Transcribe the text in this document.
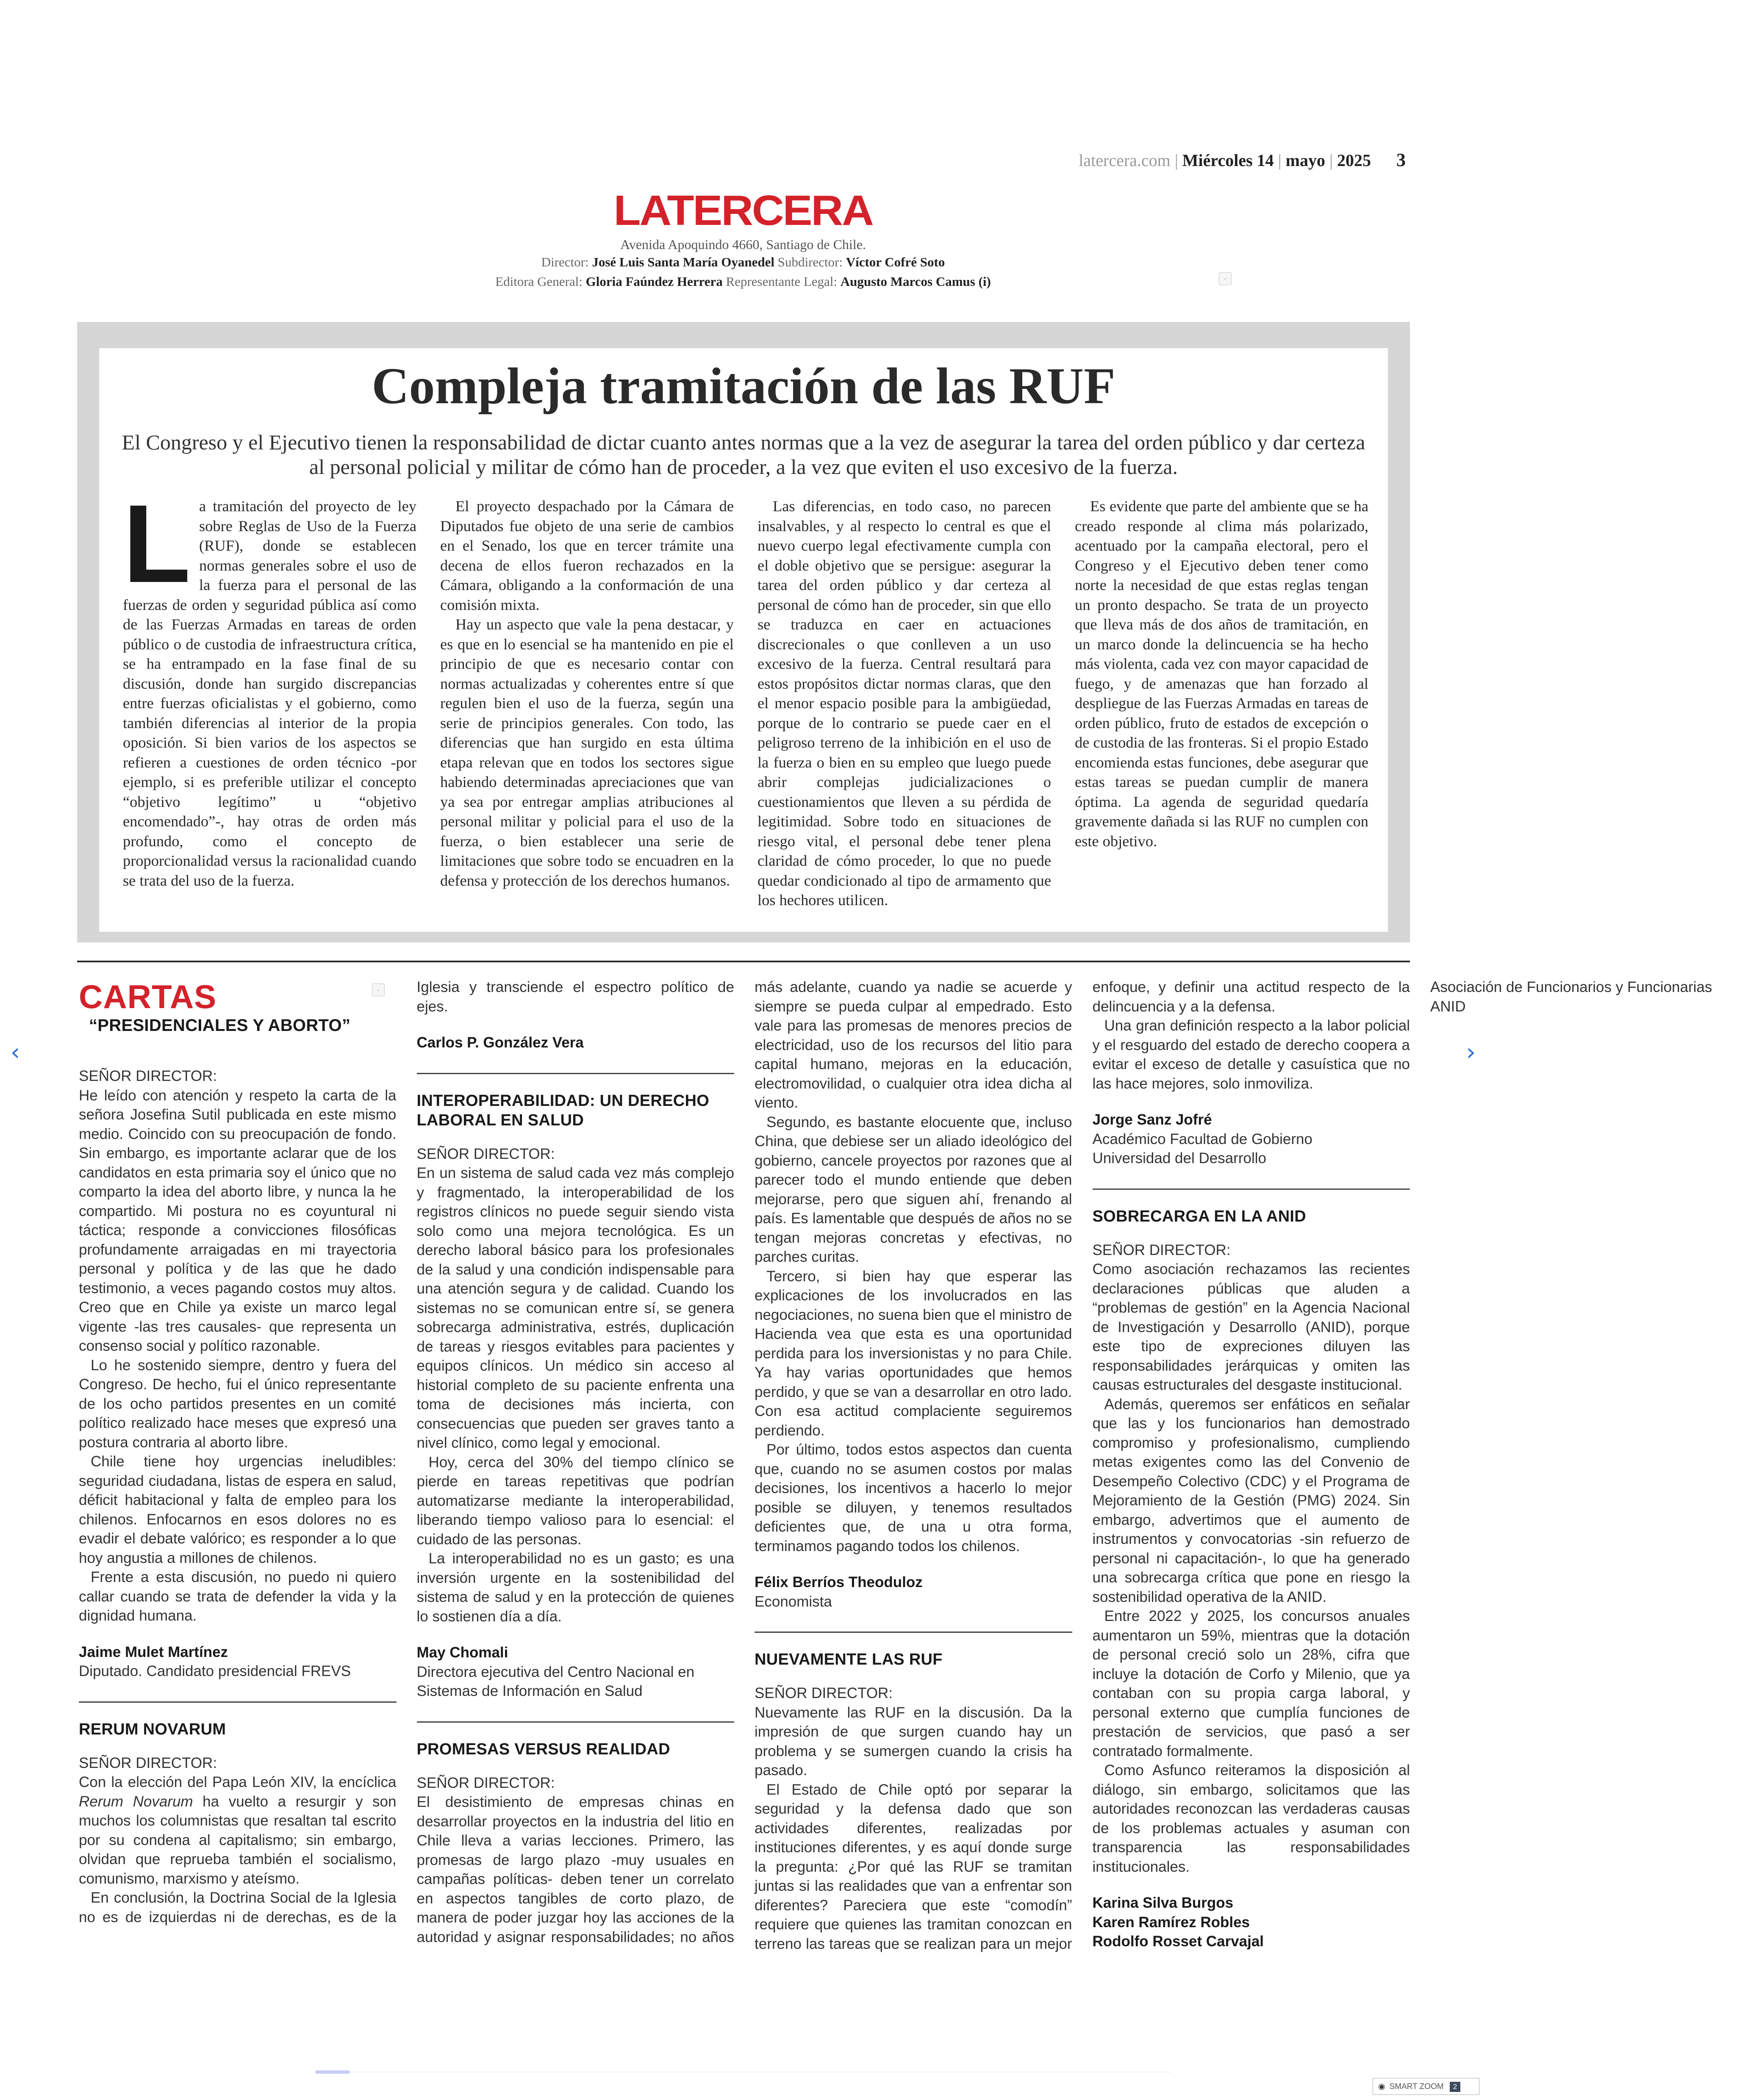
latercera.com | Miércoles 14 | mayo | 2025 3
LATERCERA
Avenida Apoquindo 4660, Santiago de Chile.
Director: José Luis Santa María Oyanedel Subdirector: Víctor Cofré Soto
Editora General: Gloria Faúndez Herrera Representante Legal: Augusto Marcos Camus (i)	▫
Compleja tramitación de las RUF
El Congreso y el Ejecutivo tienen la responsabilidad de dictar cuanto antes normas que a la vez de asegurar la tarea del orden público y dar certeza al personal policial y militar de cómo han de proceder, a la vez que eviten el uso excesivo de la fuerza.

La tramitación del proyecto de ley sobre Reglas de Uso de la Fuerza (RUF), donde se establecen normas generales sobre el uso de la fuerza para el personal de las fuerzas de orden y seguridad pública así como de las Fuerzas Armadas en tareas de orden público o de custodia de infraestructura crítica, se ha entrampado en la fase final de su discusión, donde han surgido discrepancias entre fuerzas oficialistas y el gobierno, como también diferencias al interior de la propia oposición. Si bien varios de los aspectos se refieren a cuestiones de orden técnico -por ejemplo, si es preferible utilizar el concepto “objetivo legítimo” u “objetivo encomendado”-, hay otras de orden más profundo, como el concepto de proporcionalidad versus la racionalidad cuando se trata del uso de la fuerza.

El proyecto despachado por la Cámara de Diputados fue objeto de una serie de cambios en el Senado, los que en tercer trámite una decena de ellos fueron rechazados en la Cámara, obligando a la conformación de una comisión mixta.

Hay un aspecto que vale la pena destacar, y es que en lo esencial se ha mantenido en pie el principio de que es necesario contar con normas actualizadas y coherentes entre sí que regulen bien el uso de la fuerza, según una serie de principios generales. Con todo, las diferencias que han surgido en esta última etapa relevan que en todos los sectores sigue habiendo determinadas apreciaciones que van ya sea por entregar amplias atribuciones al personal militar y policial para el uso de la fuerza, o bien establecer una serie de limitaciones que sobre todo se encuadren en la defensa y protección de los derechos humanos.

Las diferencias, en todo caso, no parecen insalvables, y al respecto lo central es que el nuevo cuerpo legal efectivamente cumpla con el doble objetivo que se persigue: asegurar la tarea del orden público y dar certeza al personal de cómo han de proceder, sin que ello se traduzca en caer en actuaciones discrecionales o que conlleven a un uso excesivo de la fuerza. Central resultará para estos propósitos dictar normas claras, que den el menor espacio posible para la ambigüedad, porque de lo contrario se puede caer en el peligroso terreno de la inhibición en el uso de la fuerza o bien en su empleo que luego puede abrir complejas judicializaciones o cuestionamientos que lleven a su pérdida de legitimidad. Sobre todo en situaciones de riesgo vital, el personal debe tener plena claridad de cómo proceder, lo que no puede quedar condicionado al tipo de armamento que los hechores utilicen.

Es evidente que parte del ambiente que se ha creado responde al clima más polarizado, acentuado por la campaña electoral, pero el Congreso y el Ejecutivo deben tener como norte la necesidad de que estas reglas tengan un pronto despacho. Se trata de un proyecto que lleva más de dos años de tramitación, en un marco donde la delincuencia se ha hecho más violenta, cada vez con mayor capacidad de fuego, y de amenazas que han forzado al despliegue de las Fuerzas Armadas en tareas de orden público, fruto de estados de excepción o de custodia de las fronteras. Si el propio Estado encomienda estas funciones, debe asegurar que estas tareas se puedan cumplir de manera óptima. La agenda de seguridad quedaría gravemente dañada si las RUF no cumplen con este objetivo.

▫
CARTAS
“PRESIDENCIALES Y ABORTO”

SEÑOR DIRECTOR:

He leído con atención y respeto la carta de la señora Josefina Sutil publicada en este mismo medio. Coincido con su preocupación de fondo. Sin embargo, es importante aclarar que de los candidatos en esta primaria soy el único que no comparto la idea del aborto libre, y nunca la he compartido. Mi postura no es coyuntural ni táctica; responde a convicciones filosóficas profundamente arraigadas en mi trayectoria personal y política y de las que he dado testimonio, a veces pagando costos muy altos. Creo que en Chile ya existe un marco legal vigente -las tres causales- que representa un consenso social y político razonable.

Lo he sostenido siempre, dentro y fuera del Congreso. De hecho, fui el único representante de los ocho partidos presentes en un comité político realizado hace meses que expresó una postura contraria al aborto libre.

Chile tiene hoy urgencias ineludibles: seguridad ciudadana, listas de espera en salud, déficit habitacional y falta de empleo para los chilenos. Enfocarnos en esos dolores no es evadir el debate valórico; es responder a lo que hoy angustia a millones de chilenos.

Frente a esta discusión, no puedo ni quiero callar cuando se trata de defender la vida y la dignidad humana.

Jaime Mulet Martínez

Diputado. Candidato presidencial FREVS

RERUM NOVARUM

SEÑOR DIRECTOR:

Con la elección del Papa León XIV, la encíclica Rerum Novarum ha vuelto a resurgir y son muchos los columnistas que resaltan tal escrito por su condena al capitalismo; sin embargo, olvidan que reprueba también el socialismo, comunismo, marxismo y ateísmo.

En conclusión, la Doctrina Social de la Iglesia no es de izquierdas ni de derechas, es de la Iglesia y transciende el espectro político de ejes.

Carlos P. González Vera

INTEROPERABILIDAD: UN DERECHO LABORAL EN SALUD

SEÑOR DIRECTOR:

En un sistema de salud cada vez más complejo y fragmentado, la interoperabilidad de los registros clínicos no puede seguir siendo vista solo como una mejora tecnológica. Es un derecho laboral básico para los profesionales de la salud y una condición indispensable para una atención segura y de calidad. Cuando los sistemas no se comunican entre sí, se genera sobrecarga administrativa, estrés, duplicación de tareas y riesgos evitables para pacientes y equipos clínicos. Un médico sin acceso al historial completo de su paciente enfrenta una toma de decisiones más incierta, con consecuencias que pueden ser graves tanto a nivel clínico, como legal y emocional.

Hoy, cerca del 30% del tiempo clínico se pierde en tareas repetitivas que podrían automatizarse mediante la interoperabilidad, liberando tiempo valioso para lo esencial: el cuidado de las personas.

La interoperabilidad no es un gasto; es una inversión urgente en la sostenibilidad del sistema de salud y en la protección de quienes lo sostienen día a día.

May Chomali

Directora ejecutiva del Centro Nacional en Sistemas de Información en Salud

PROMESAS VERSUS REALIDAD

SEÑOR DIRECTOR:

El desistimiento de empresas chinas en desarrollar proyectos en la industria del litio en Chile lleva a varias lecciones. Primero, las promesas de largo plazo -muy usuales en campañas políticas- deben tener un correlato en aspectos tangibles de corto plazo, de manera de poder juzgar hoy las acciones de la autoridad y asignar responsabilidades; no años más adelante, cuando ya nadie se acuerde y siempre se pueda culpar al empedrado. Esto vale para las promesas de menores precios de electricidad, uso de los recursos del litio para capital humano, mejoras en la educación, electromovilidad, o cualquier otra idea dicha al viento.

Segundo, es bastante elocuente que, incluso China, que debiese ser un aliado ideológico del gobierno, cancele proyectos por razones que al parecer todo el mundo entiende que deben mejorarse, pero que siguen ahí, frenando al país. Es lamentable que después de años no se tengan mejoras concretas y efectivas, no parches curitas.

Tercero, si bien hay que esperar las explicaciones de los involucrados en las negociaciones, no suena bien que el ministro de Hacienda vea que esta es una oportunidad perdida para los inversionistas y no para Chile. Ya hay varias oportunidades que hemos perdido, y que se van a desarrollar en otro lado. Con esa actitud complaciente seguiremos perdiendo.

Por último, todos estos aspectos dan cuenta que, cuando no se asumen costos por malas decisiones, los incentivos a hacerlo lo mejor posible se diluyen, y tenemos resultados deficientes que, de una u otra forma, terminamos pagando todos los chilenos.

Félix Berríos Theoduloz

Economista

NUEVAMENTE LAS RUF

SEÑOR DIRECTOR:

Nuevamente las RUF en la discusión. Da la impresión de que surgen cuando hay un problema y se sumergen cuando la crisis ha pasado.

El Estado de Chile optó por separar la seguridad y la defensa dado que son actividades diferentes, realizadas por instituciones diferentes, y es aquí donde surge la pregunta: ¿Por qué las RUF se tramitan juntas si las realidades que van a enfrentar son diferentes? Pareciera que este “comodín” requiere que quienes las tramitan conozcan en terreno las tareas que se realizan para un mejor enfoque, y definir una actitud respecto de la delincuencia y a la defensa.

Una gran definición respecto a la labor policial y el resguardo del estado de derecho coopera a evitar el exceso de detalle y casuística que no las hace mejores, solo inmoviliza.

Jorge Sanz Jofré

Académico Facultad de Gobierno

Universidad del Desarrollo

SOBRECARGA EN LA ANID

SEÑOR DIRECTOR:

Como asociación rechazamos las recientes declaraciones públicas que aluden a “problemas de gestión” en la Agencia Nacional de Investigación y Desarrollo (ANID), porque este tipo de expreciones diluyen las responsabilidades jerárquicas y omiten las causas estructurales del desgaste institucional.

Además, queremos ser enfáticos en señalar que las y los funcionarios han demostrado compromiso y profesionalismo, cumpliendo metas exigentes como las del Convenio de Desempeño Colectivo (CDC) y el Programa de Mejoramiento de la Gestión (PMG) 2024. Sin embargo, advertimos que el aumento de instrumentos y convocatorias -sin refuerzo de personal ni capacitación-, lo que ha generado una sobrecarga crítica que pone en riesgo la sostenibilidad operativa de la ANID.

Entre 2022 y 2025, los concursos anuales aumentaron un 59%, mientras que la dotación de personal creció solo un 28%, cifra que incluye la dotación de Corfo y Milenio, que ya contaban con su propia carga laboral, y personal externo que cumplía funciones de prestación de servicios, que pasó a ser contratado formalmente.

Como Asfunco reiteramos la disposición al diálogo, sin embargo, solicitamos que las autoridades reconozcan las verdaderas causas de los problemas actuales y asuman con transparencia las responsabilidades institucionales.

Karina Silva Burgos

Karen Ramírez Robles

Rodolfo Rosset Carvajal

Asociación de Funcionarios y Funcionarias ANID

‹	›
◉ SMART ZOOM 2
